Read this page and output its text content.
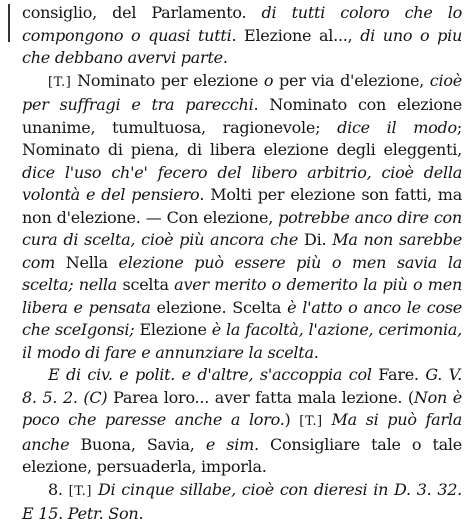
consiglio, del Parlamento. di tutti coloro che lo compongono o quasi tutti. Elezione al..., di uno o piu che debbano avervi parte.

[T.] Nominato per elezione o per via d'elezione, cioè per suffragi e tra parecchi. Nominato con elezione unanime, tumultuosa, ragionevole; dice il modo; Nominato di piena, di libera elezione degli eleggenti, dice l'uso ch'e' fecero del libero arbitrio, cioè della volontà e del pensiero. Molti per elezione son fatti, ma non d'elezione. — Con elezione, potrebbe anco dire con cura di scelta, cioè più ancora che Di. Ma non sarebbe com Nella elezione può essere più o men savia la scelta; nella scelta aver merito o demerito la più o men libera e pensata elezione. Scelta è l'atto o anco le cose che sceIgonsi; Elezione è la facoltà, l'azione, cerimonia, il modo di fare e annunziare la scelta.

E di civ. e polit. e d'altre, s'accoppia col Fare. G. V. 8. 5. 2. (C) Parea loro... aver fatta mala lezione. (Non è poco che paresse anche a loro.) [T.] Ma si può farla anche Buona, Savia, e sim. Consigliare tale o tale elezione, persuaderla, imporla.

8. [T.] Di cinque sillabe, cioè con dieresi in D. 3. 32. E 15. Petr. Son.
